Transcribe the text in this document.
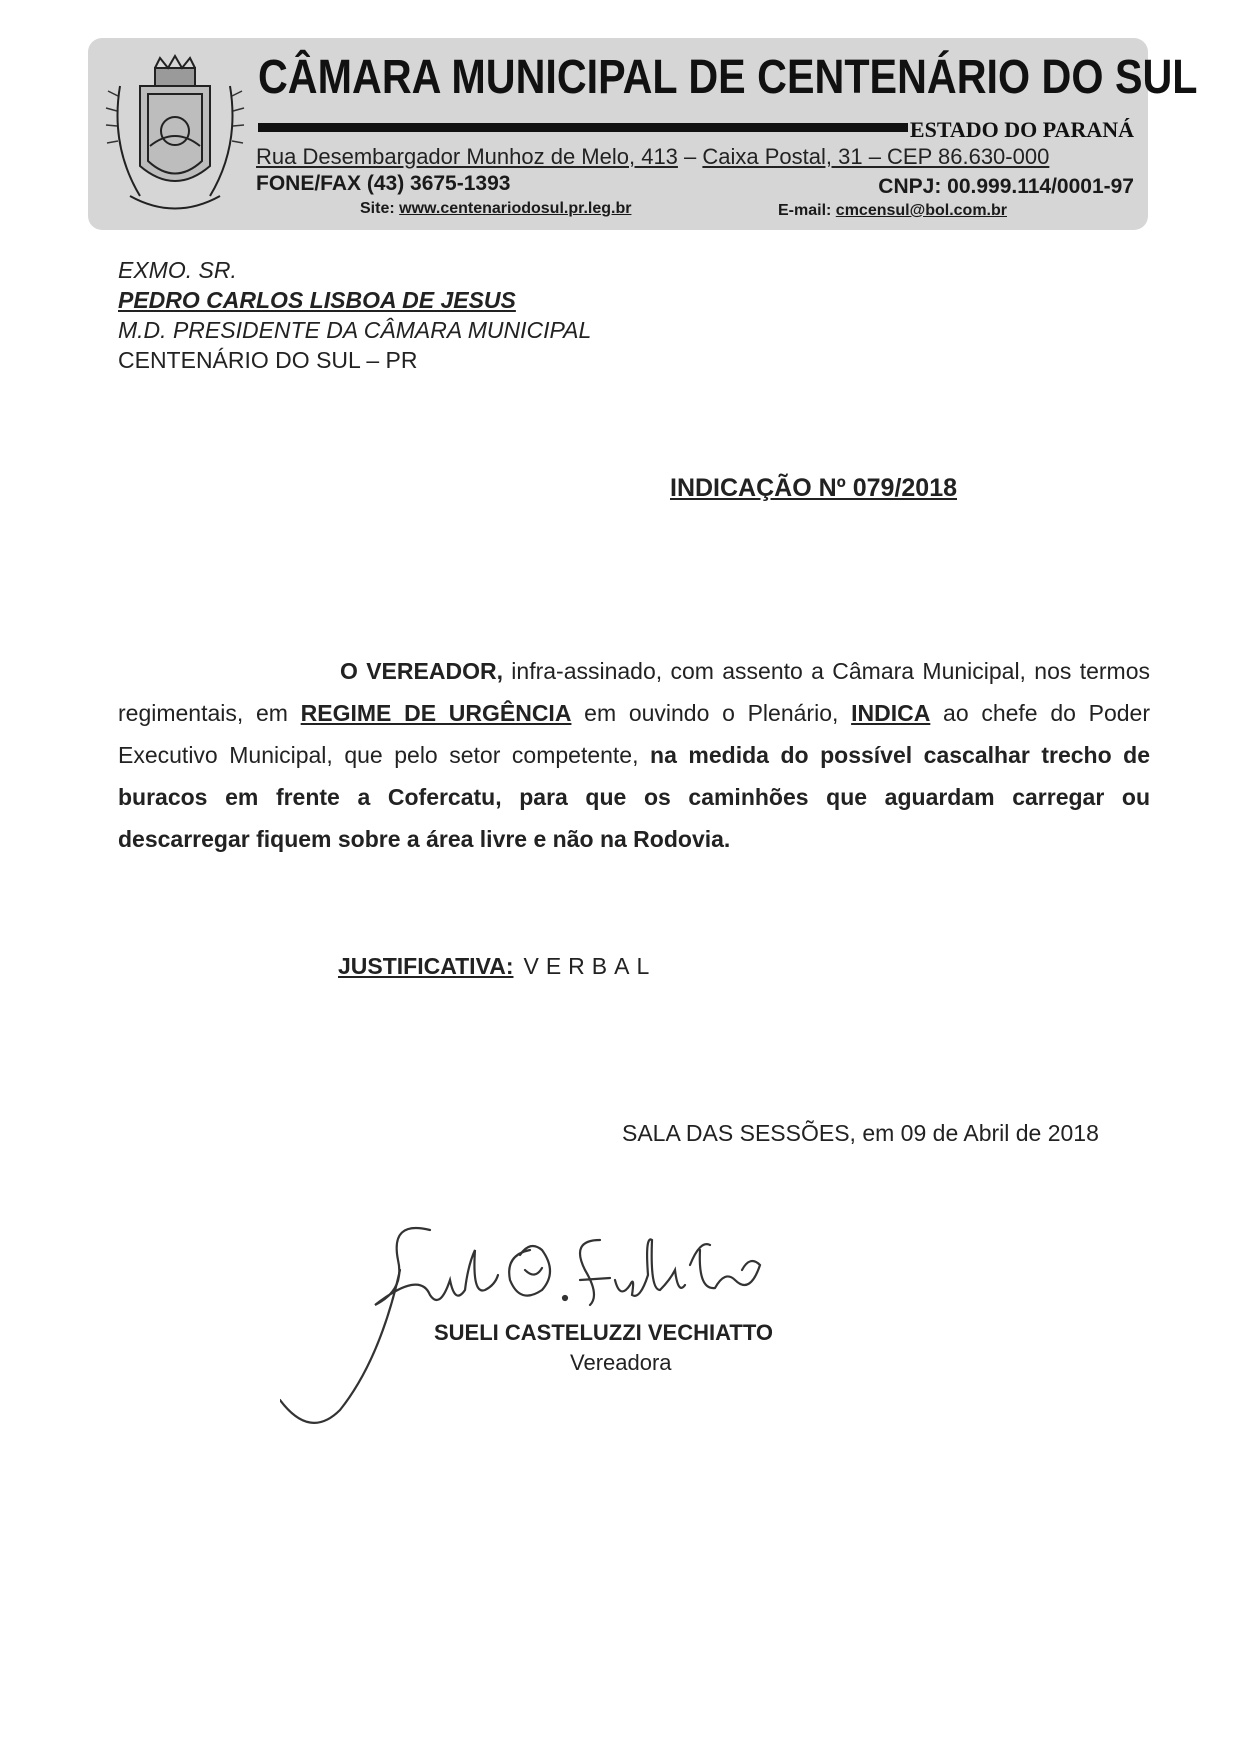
CÂMARA MUNICIPAL DE CENTENÁRIO DO SUL
ESTADO DO PARANÁ
Rua Desembargador Munhoz de Melo, 413 – Caixa Postal, 31 – CEP 86.630-000
FONE/FAX (43) 3675-1393	CNPJ: 00.999.114/0001-97
Site: www.centenariodosul.pr.leg.br	E-mail: cmcensul@bol.com.br
EXMO. SR.
PEDRO CARLOS LISBOA DE JESUS
M.D. PRESIDENTE DA CÂMARA MUNICIPAL
CENTENÁRIO DO SUL – PR
INDICAÇÃO Nº 079/2018
O VEREADOR, infra-assinado, com assento a Câmara Municipal, nos termos regimentais, em REGIME DE URGÊNCIA em ouvindo o Plenário, INDICA ao chefe do Poder Executivo Municipal, que pelo setor competente, na medida do possível cascalhar trecho de buracos em frente a Cofercatu, para que os caminhões que aguardam carregar ou descarregar fiquem sobre a área livre e não na Rodovia.
JUSTIFICATIVA: VERBAL
SALA DAS SESSÕES, em 09 de Abril de 2018
SUELI CASTELUZZI VECHIATTO
Vereadora
